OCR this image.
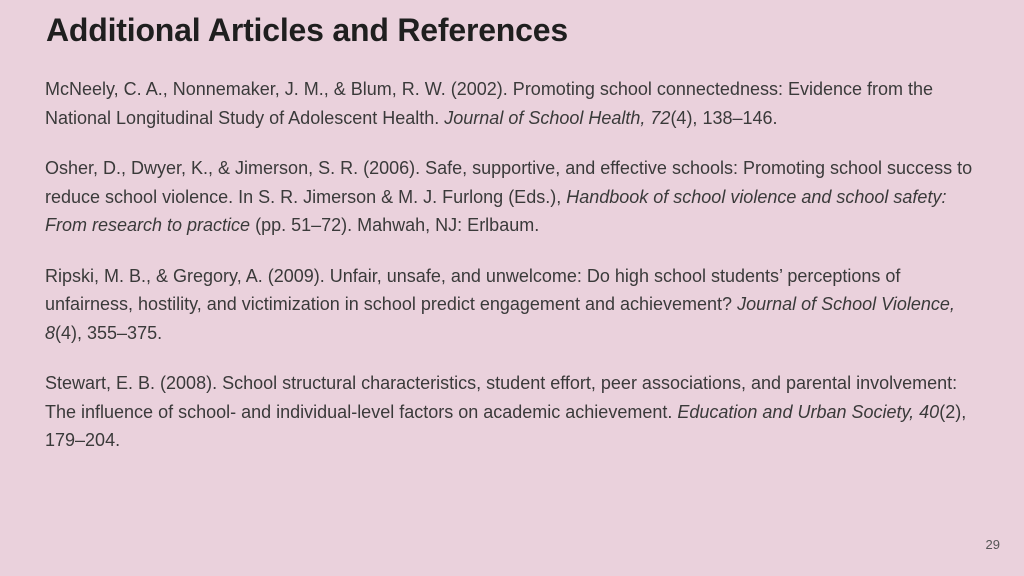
Additional Articles and References

McNeely, C. A., Nonnemaker, J. M., & Blum, R. W. (2002). Promoting school connectedness: Evidence from the National Longitudinal Study of Adolescent Health. Journal of School Health, 72(4), 138–146.

Osher, D., Dwyer, K., & Jimerson, S. R. (2006). Safe, supportive, and effective schools: Promoting school success to reduce school violence. In S. R. Jimerson & M. J. Furlong (Eds.), Handbook of school violence and school safety: From research to practice (pp. 51–72). Mahwah, NJ: Erlbaum.

Ripski, M. B., & Gregory, A. (2009). Unfair, unsafe, and unwelcome: Do high school students’ perceptions of unfairness, hostility, and victimization in school predict engagement and achievement? Journal of School Violence, 8(4), 355–375.

Stewart, E. B. (2008). School structural characteristics, student effort, peer associations, and parental involvement: The influence of school- and individual-level factors on academic achievement. Education and Urban Society, 40(2), 179–204.

29
